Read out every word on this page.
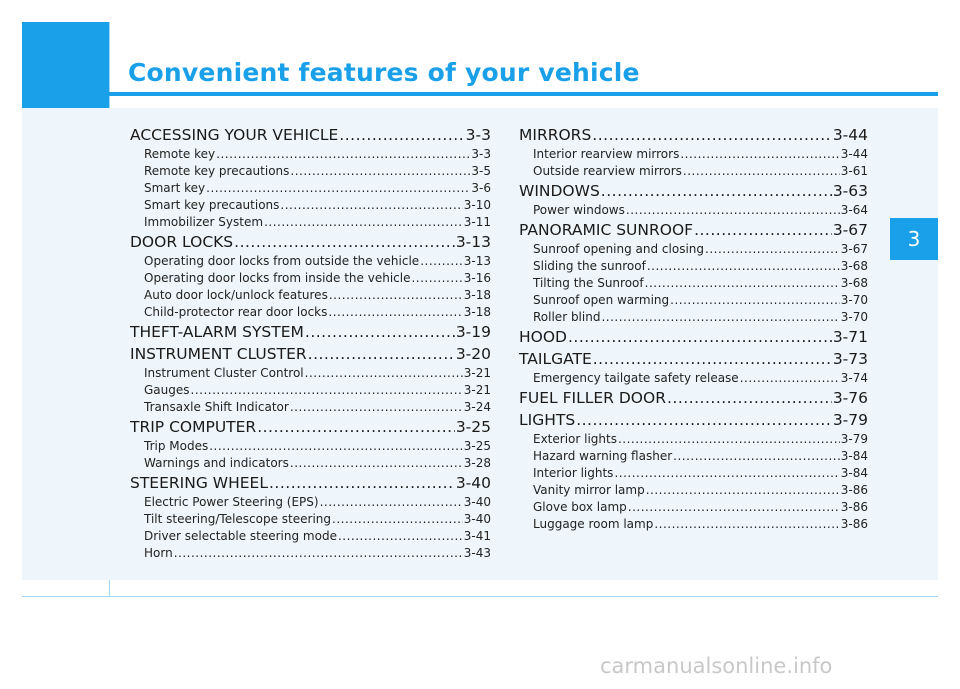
Convenient features of your vehicle
ACCESSING YOUR VEHICLE .....	3-3
Remote key .....	3-3
Remote key precautions .....	3-5
Smart key .....	3-6
Smart key precautions .....	3-10
Immobilizer System .....	3-11
DOOR LOCKS .....	3-13
Operating door locks from outside the vehicle .....	3-13
Operating door locks from inside the vehicle .....	3-16
Auto door lock/unlock features .....	3-18
Child-protector rear door locks .....	3-18
THEFT-ALARM SYSTEM .....	3-19
INSTRUMENT CLUSTER .....	3-20
Instrument Cluster Control .....	3-21
Gauges .....	3-21
Transaxle Shift Indicator .....	3-24
TRIP COMPUTER .....	3-25
Trip Modes .....	3-25
Warnings and indicators .....	3-28
STEERING WHEEL .....	3-40
Electric Power Steering (EPS) .....	3-40
Tilt steering/Telescope steering .....	3-40
Driver selectable steering mode .....	3-41
Horn .....	3-43
MIRRORS .....	3-44
Interior rearview mirrors .....	3-44
Outside rearview mirrors .....	3-61
WINDOWS .....	3-63
Power windows .....	3-64
PANORAMIC SUNROOF .....	3-67
Sunroof opening and closing .....	3-67
Sliding the sunroof .....	3-68
Tilting the Sunroof .....	3-68
Sunroof open warming .....	3-70
Roller blind .....	3-70
HOOD .....	3-71
TAILGATE .....	3-73
Emergency tailgate safety release .....	3-74
FUEL FILLER DOOR .....	3-76
LIGHTS .....	3-79
Exterior lights .....	3-79
Hazard warning flasher .....	3-84
Interior lights .....	3-84
Vanity mirror lamp .....	3-86
Glove box lamp .....	3-86
Luggage room lamp .....	3-86
3
carmanualsonline.info
